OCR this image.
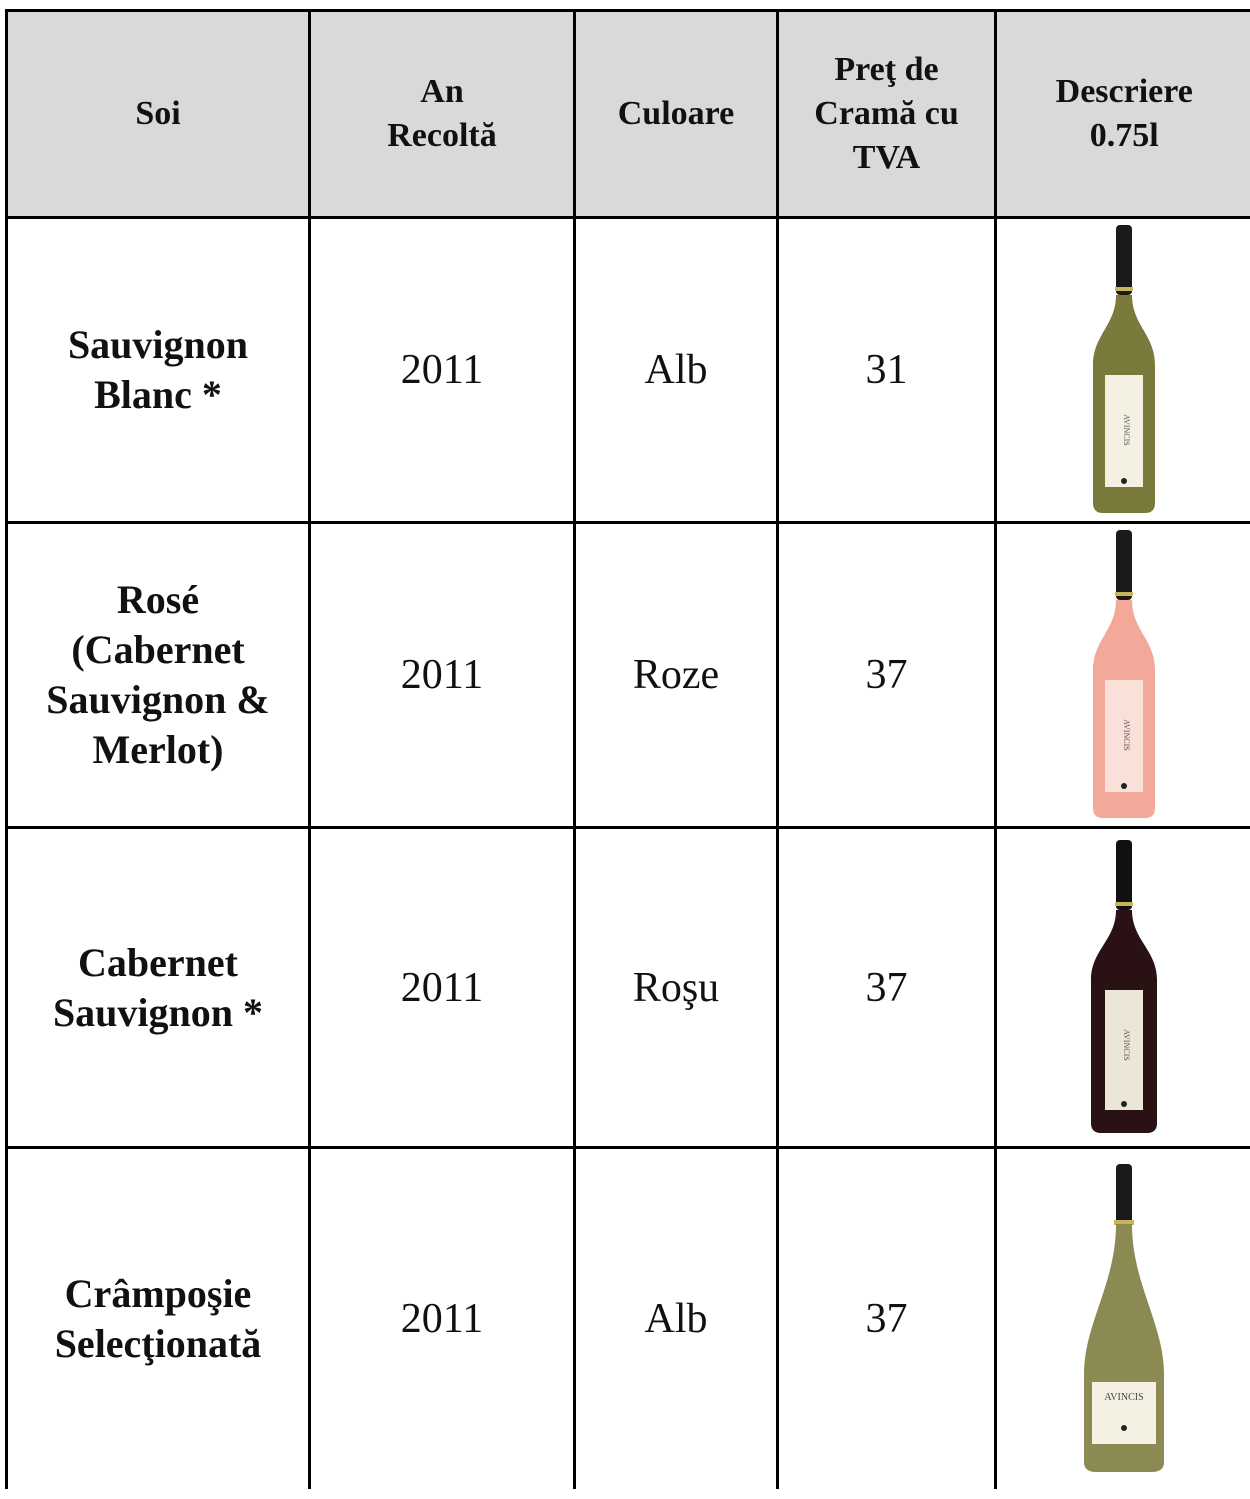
Soi	An Recoltă	Culoare	Preţ de Cramă cu TVA	Descriere 0.75l

Sauvignon
Blanc *	2011	Alb	31	AVINCIS

Rosé
(Cabernet
Sauvignon &
Merlot)	2011	Roze	37	AVINCIS

Cabernet
Sauvignon *	2011	Roşu	37	AVINCIS

Crâmpoşie
Selecţionată	2011	Alb	37	AVINCIS
